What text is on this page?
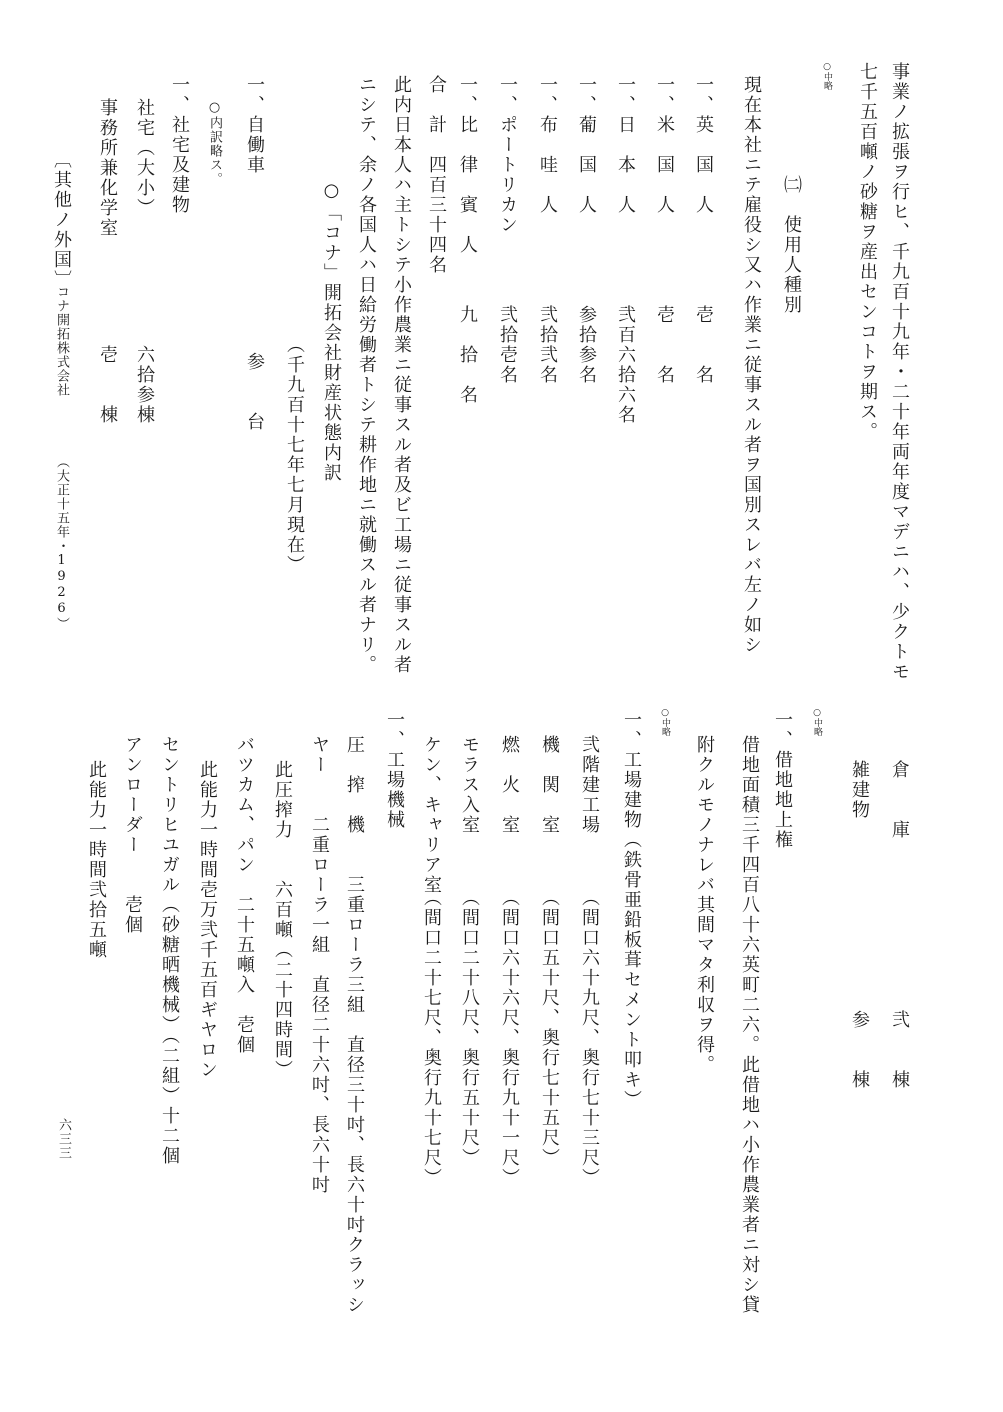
事業ノ拡張ヲ行ヒ、千九百十九年・二十年両年度マデニハ、少クトモ
七千五百噸ノ砂糖ヲ産出センコトヲ期ス。
○中略
㈡　使用人種別
現在本社ニテ雇役シ又ハ作業ニ従事スル者ヲ国別スレバ左ノ如シ
一、英　国　人
壱　　名
一、米　国　人
壱　　名
一、日　本　人
弐百六拾六名
一、葡　国　人
参拾参名
一、布　哇　人
弐拾弐名
一、ポートリカン
弐拾壱名
一、比　律　賓　人
九　拾　名
合　計　四百三十四名
此内日本人ハ主トシテ小作農業ニ従事スル者及ビ工場ニ従事スル者
ニシテ、余ノ各国人ハ日給労働者トシテ耕作地ニ就働スル者ナリ。
○「コナ」開拓会社財産状態内訳
（千九百十七年七月現在）
一、自働車
参　　台
○内訳略ス。
一、社宅及建物
社宅（大小）
六拾参棟
事務所兼化学室
壱　　棟
〔其他ノ外国〕
コナ開拓株式会社
（大正十五年・1926）
倉　　庫
弐　　棟
雑建物
参　　棟
○中略
一、借地地上権
借地面積三千四百八十六英町二六。此借地ハ小作農業者ニ対シ貸
附クルモノナレバ其間マタ利収ヲ得。
○中略
一、工場建物（鉄骨亜鉛板葺セメント叩キ）
弐階建工場
（間口六十九尺、奥行七十三尺）
機　関　室
（間口五十尺、奥行七十五尺）
燃　火　室
（間口六十六尺、奥行九十一尺）
モラス入室
（間口二十八尺、奥行五十尺）
ケン、キャリア室
（間口二十七尺、奥行九十七尺）
一、工場機械
圧　搾　機　　三重ローラ三組　直径三十吋、長六十吋クラッシ
ヤー　　二重ローラ一組　直径二十六吋、長六十吋
此圧搾力　　六百噸（二十四時間）
バツカム、パン　二十五噸入　壱個
此能力一時間壱万弐千五百ギヤロン
セントリヒユガル（砂糖晒機械）（二組）十二個
アンローダー　　壱個
此能力一時間弐拾五噸
六三三
